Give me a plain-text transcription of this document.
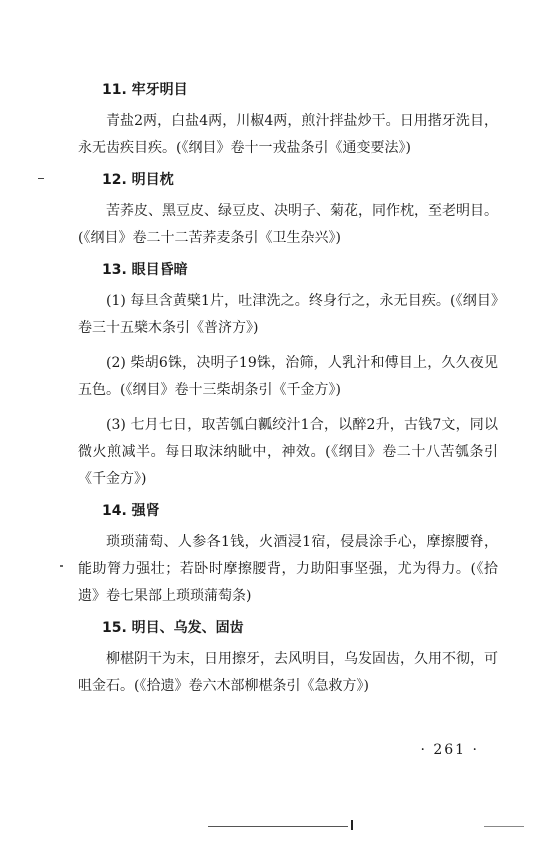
11. 牢牙明目

青盐2两，白盐4两，川椒4两，煎汁拌盐炒干。日用揩牙洗目，永无齿疾目疾。(《纲目》卷十一戎盐条引《通变要法》)

12. 明目枕

苦荞皮、黑豆皮、绿豆皮、决明子、菊花，同作枕，至老明目。(《纲目》卷二十二苦荞麦条引《卫生杂兴》)

13. 眼目昏暗

(1) 每旦含黄檗1片，吐津洗之。终身行之，永无目疾。(《纲目》卷三十五檗木条引《普济方》)

(2) 柴胡6铢，决明子19铢，治筛，人乳汁和傅目上，久久夜见五色。(《纲目》卷十三柴胡条引《千金方》)

(3) 七月七日，取苦瓠白瓤绞汁1合，以醉2升，古钱7文，同以微火煎减半。每日取沫纳眦中，神效。(《纲目》卷二十八苦瓠条引《千金方》)

14. 强肾

琐琐蒲萄、人参各1钱，火酒浸1宿，侵晨涂手心，摩擦腰脊，能助膂力强壮；若卧时摩擦腰背，力助阳事坚强，尤为得力。(《拾遗》卷七果部上琐琐蒲萄条)

15. 明目、乌发、固齿

柳椹阴干为末，日用擦牙，去风明目，乌发固齿，久用不彻，可咀金石。(《拾遗》卷六木部柳椹条引《急救方》)

· 261 ·
